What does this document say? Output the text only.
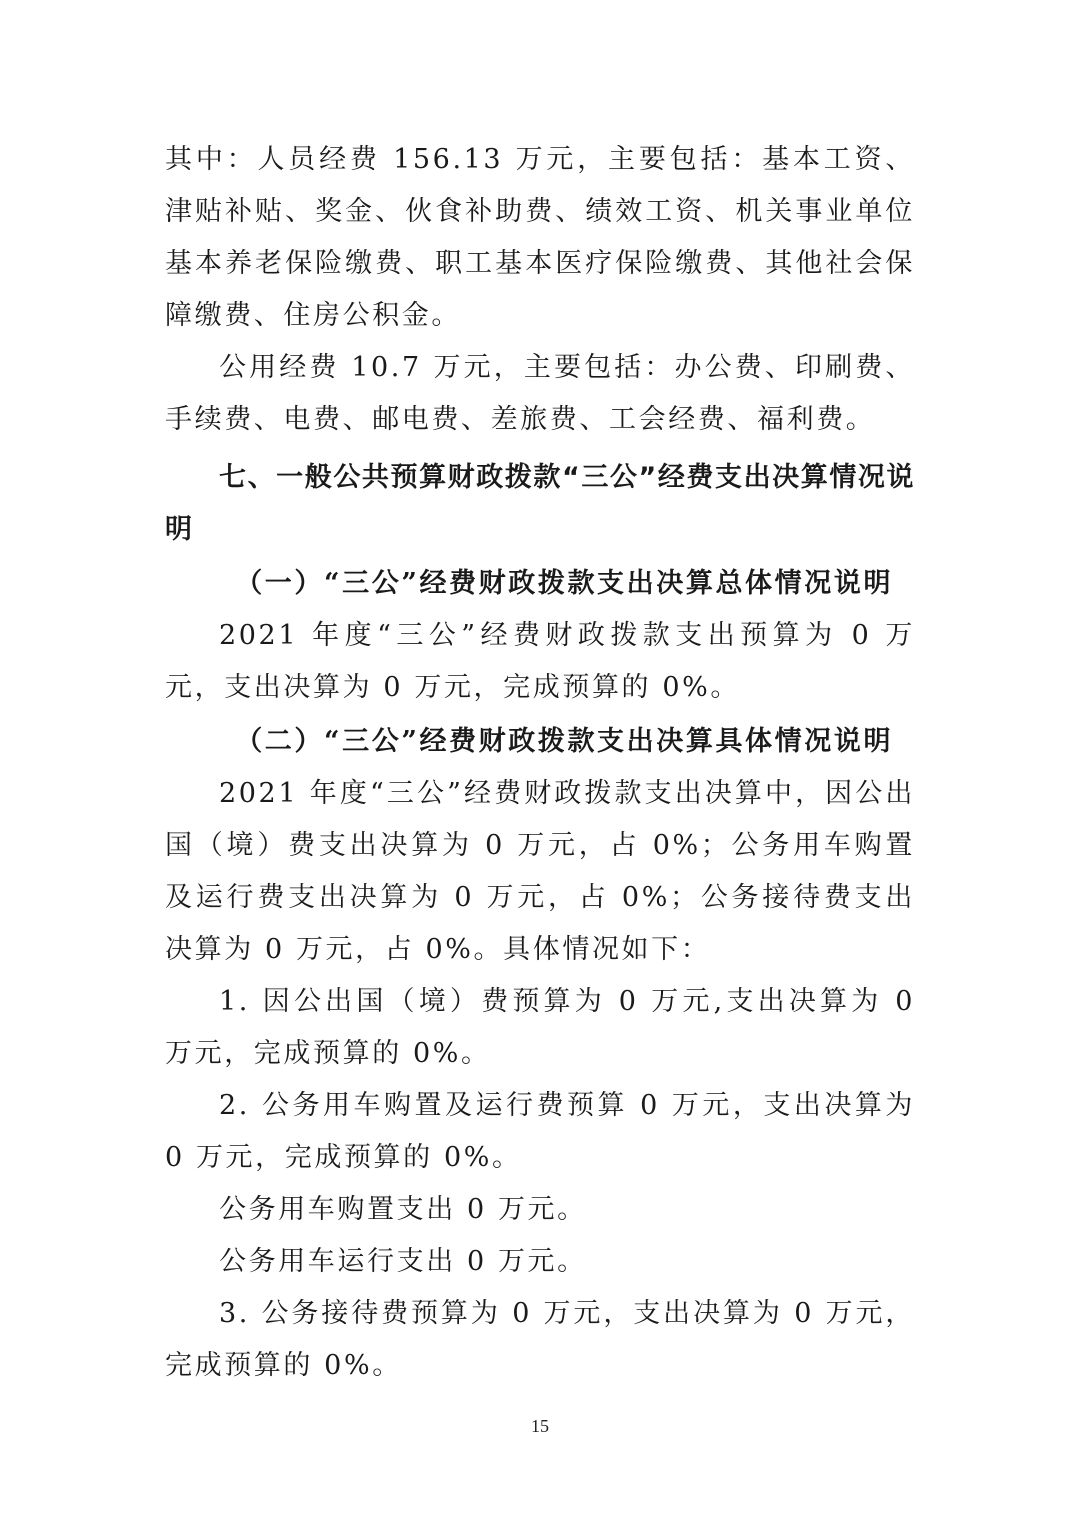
其中：人员经费 156.13 万元，主要包括：基本工资、津贴补贴、奖金、伙食补助费、绩效工资、机关事业单位基本养老保险缴费、职工基本医疗保险缴费、其他社会保障缴费、住房公积金。

公用经费 10.7 万元，主要包括：办公费、印刷费、手续费、电费、邮电费、差旅费、工会经费、福利费。

七、一般公共预算财政拨款“三公”经费支出决算情况说明

（一）“三公”经费财政拨款支出决算总体情况说明

2021 年度“三公”经费财政拨款支出预算为 0 万元，支出决算为 0 万元，完成预算的 0%。

（二）“三公”经费财政拨款支出决算具体情况说明

2021 年度“三公”经费财政拨款支出决算中，因公出国（境）费支出决算为 0 万元，占 0%；公务用车购置及运行费支出决算为 0 万元，占 0%；公务接待费支出决算为 0 万元，占 0%。具体情况如下：

1. 因公出国（境）费预算为 0 万元,支出决算为 0 万元，完成预算的 0%。

2. 公务用车购置及运行费预算 0 万元，支出决算为 0 万元，完成预算的 0%。

公务用车购置支出 0 万元。

公务用车运行支出 0 万元。

3. 公务接待费预算为 0 万元，支出决算为 0 万元，完成预算的 0%。

15
